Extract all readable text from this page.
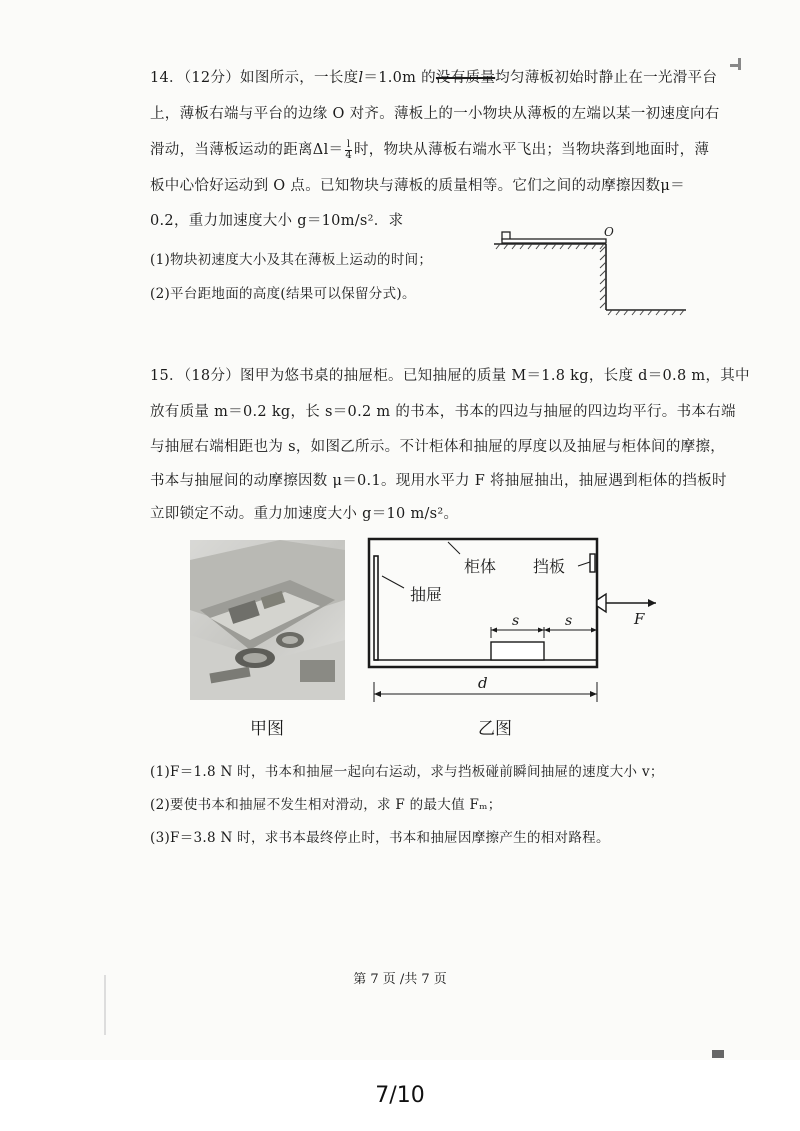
14．（12分）如图所示，一长度l＝1.0m 的没有质量均匀薄板初始时静止在一光滑平台
上，薄板右端与平台的边缘 O 对齐。薄板上的一小物块从薄板的左端以某一初速度向右
滑动，当薄板运动的距离$\Delta l= \frac{l}{4}$ 时，物块从薄板右端水平飞出；当物块落到地面时，薄
板中心恰好运动到 O 点。已知物块与薄板的质量相等。它们之间的动摩擦因数μ＝
0.2，重力加速度大小 g＝10m/s²．求
(1)物块初速度大小及其在薄板上运动的时间；
(2)平台距地面的高度(结果可以保留分式)。
O
15．（18分）图甲为悠书桌的抽屉柜。已知抽屉的质量 M＝1.8 kg，长度 d＝0.8 m，其中
放有质量 m＝0.2 kg，长 s＝0.2 m 的书本，书本的四边与抽屉的四边均平行。书本右端
与抽屉右端相距也为 s，如图乙所示。不计柜体和抽屉的厚度以及抽屉与柜体间的摩擦，
书本与抽屉间的动摩擦因数 μ＝0.1。现用水平力 F 将抽屉抽出，抽屉遇到柜体的挡板时
立即锁定不动。重力加速度大小 g＝10 m/s²。
甲图
柜体 挡板
抽屉
s	s	F
d
乙图
(1)F＝1.8 N 时，书本和抽屉一起向右运动，求与挡板碰前瞬间抽屉的速度大小 v；
(2)要使书本和抽屉不发生相对滑动，求 F 的最大值 Fₘ；
(3)F＝3.8 N 时，求书本最终停止时，书本和抽屉因摩擦产生的相对路程。
第 7 页 /共 7 页
7/10
